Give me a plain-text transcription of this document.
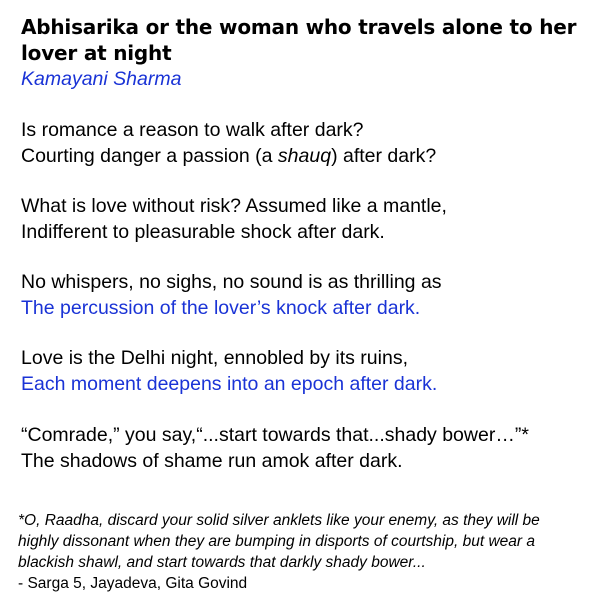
Abhisarika or the woman who travels alone to her lover at night
Kamayani Sharma
Is romance a reason to walk after dark?
Courting danger a passion (a shauq) after dark?
What is love without risk? Assumed like a mantle,
Indifferent to pleasurable shock after dark.
No whispers, no sighs, no sound is as thrilling as
The percussion of the lover’s knock after dark.
Love is the Delhi night, ennobled by its ruins,
Each moment deepens into an epoch after dark.
“Comrade,” you say,“...start towards that...shady bower…”*
The shadows of shame run amok after dark.
*O, Raadha, discard your solid silver anklets like your enemy, as they will be
highly dissonant when they are bumping in disports of courtship, but wear a
blackish shawl, and start towards that darkly shady bower...
- Sarga 5, Jayadeva, Gita Govind
